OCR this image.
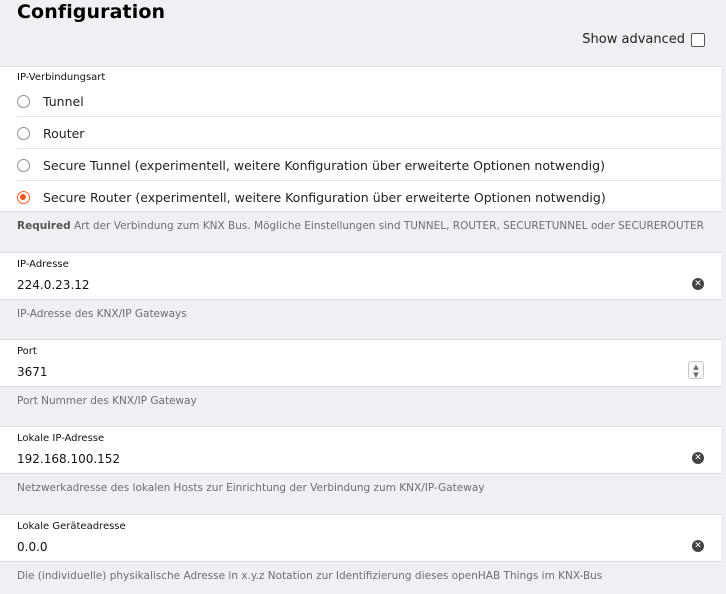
Configuration
Show advanced
IP-Verbindungsart
Tunnel
Router
Secure Tunnel (experimentell, weitere Konfiguration über erweiterte Optionen notwendig)
Secure Router (experimentell, weitere Konfiguration über erweiterte Optionen notwendig)
Required Art der Verbindung zum KNX Bus. Mögliche Einstellungen sind TUNNEL, ROUTER, SECURETUNNEL oder SECUREROUTER
IP-Adresse
224.0.23.12	✕
IP-Adresse des KNX/IP Gateways
Port
3671	▲
▼
Port Nummer des KNX/IP Gateway
Lokale IP-Adresse
192.168.100.152	✕
Netzwerkadresse des lokalen Hosts zur Einrichtung der Verbindung zum KNX/IP-Gateway
Lokale Geräteadresse
0.0.0	✕
Die (individuelle) physikalische Adresse in x.y.z Notation zur Identifizierung dieses openHAB Things im KNX-Bus
